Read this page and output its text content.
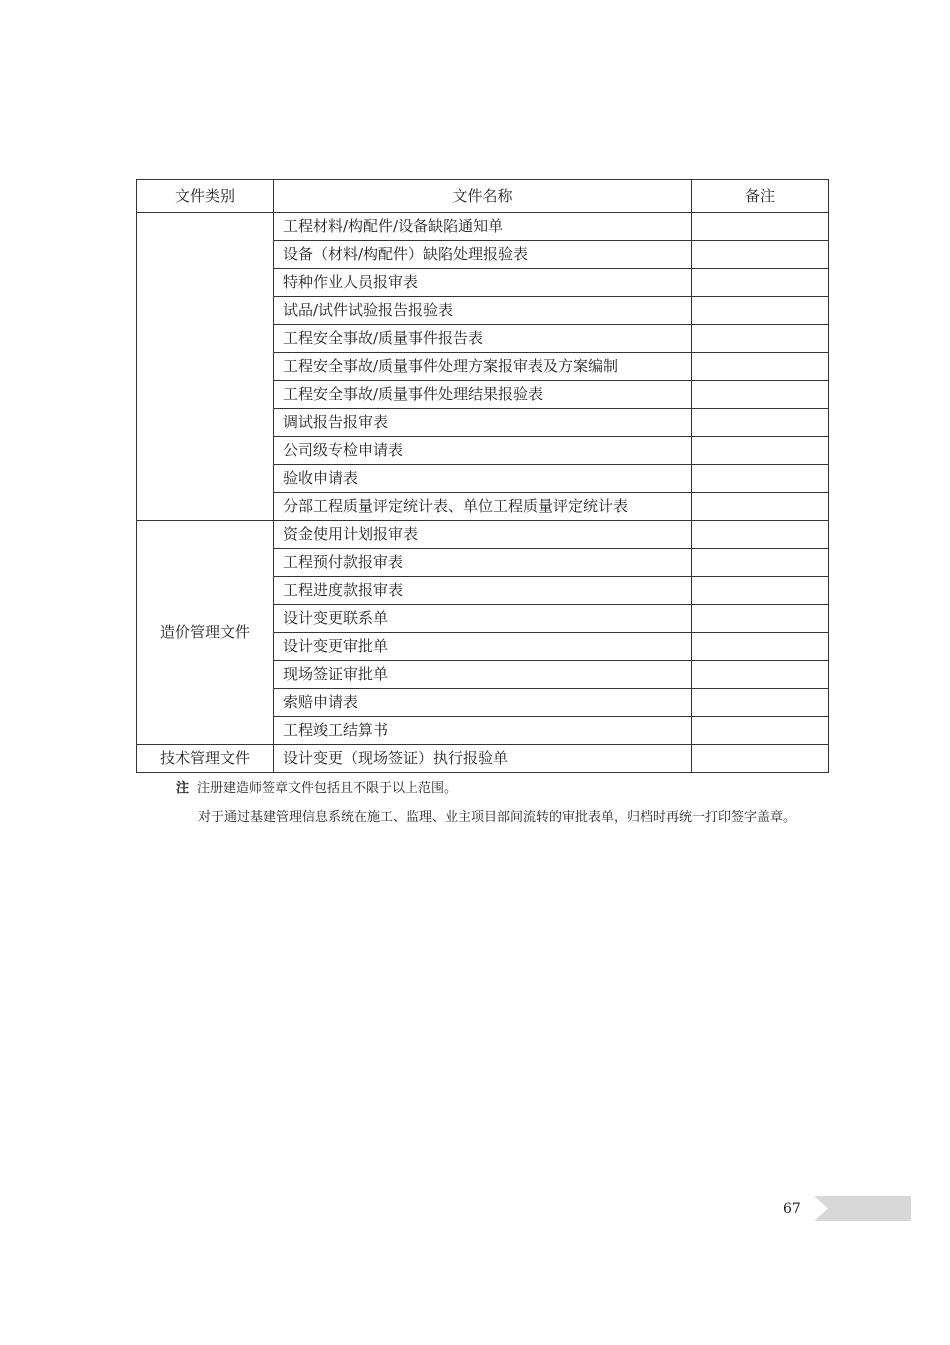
文件类别	文件名称	备注
	工程材料/构配件/设备缺陷通知单	
	设备（材料/构配件）缺陷处理报验表	
	特种作业人员报审表	
	试品/试件试验报告报验表	
	工程安全事故/质量事件报告表	
	工程安全事故/质量事件处理方案报审表及方案编制	
	工程安全事故/质量事件处理结果报验表	
	调试报告报审表	
	公司级专检申请表	
	验收申请表	
	分部工程质量评定统计表、单位工程质量评定统计表	
造价管理文件	资金使用计划报审表	
	工程预付款报审表	
	工程进度款报审表	
	设计变更联系单	
	设计变更审批单	
	现场签证审批单	
	索赔申请表	
	工程竣工结算书	
技术管理文件	设计变更（现场签证）执行报验单	
注 注册建造师签章文件包括且不限于以上范围。
对于通过基建管理信息系统在施工、监理、业主项目部间流转的审批表单，归档时再统一打印签字盖章。
67
